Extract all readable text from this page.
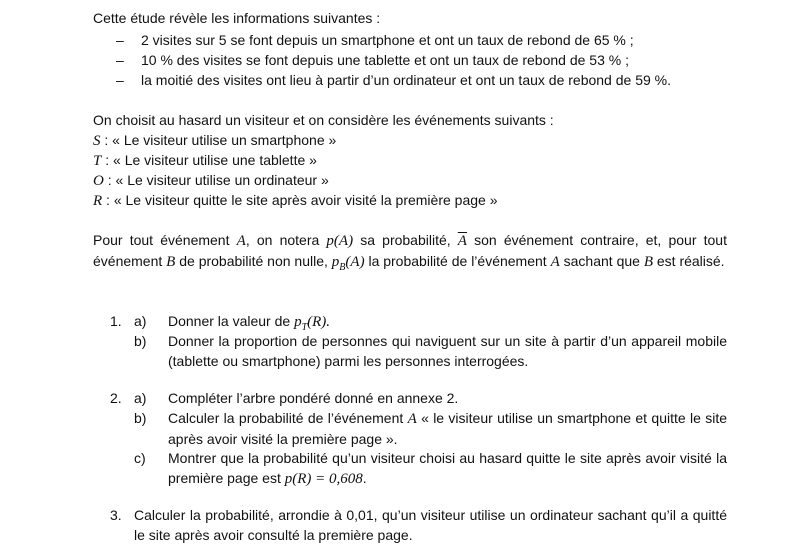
Cette étude révèle les informations suivantes :
– 2 visites sur 5 se font depuis un smartphone et ont un taux de rebond de 65 % ;
– 10 % des visites se font depuis une tablette et ont un taux de rebond de 53 % ;
– la moitié des visites ont lieu à partir d’un ordinateur et ont un taux de rebond de 59 %.
On choisit au hasard un visiteur et on considère les événements suivants :
S : « Le visiteur utilise un smartphone »
T : « Le visiteur utilise une tablette »
O : « Le visiteur utilise un ordinateur »
R : « Le visiteur quitte le site après avoir visité la première page »
Pour tout événement A, on notera p(A) sa probabilité, $\overline{A}$ son événement contraire, et, pour tout événement B de probabilité non nulle, $p_B(A)$ la probabilité de l’événement A sachant que B est réalisé.
1. a) Donner la valeur de $p_T(R)$.
b) Donner la proportion de personnes qui naviguent sur un site à partir d’un appareil mobile (tablette ou smartphone) parmi les personnes interrogées.
2. a) Compléter l’arbre pondéré donné en annexe 2.
b) Calculer la probabilité de l’événement A « le visiteur utilise un smartphone et quitte le site après avoir visité la première page ».
c) Montrer que la probabilité qu’un visiteur choisi au hasard quitte le site après avoir visité la première page est p(R) = 0,608.
3. Calculer la probabilité, arrondie à 0,01, qu’un visiteur utilise un ordinateur sachant qu’il a quitté le site après avoir consulté la première page.
